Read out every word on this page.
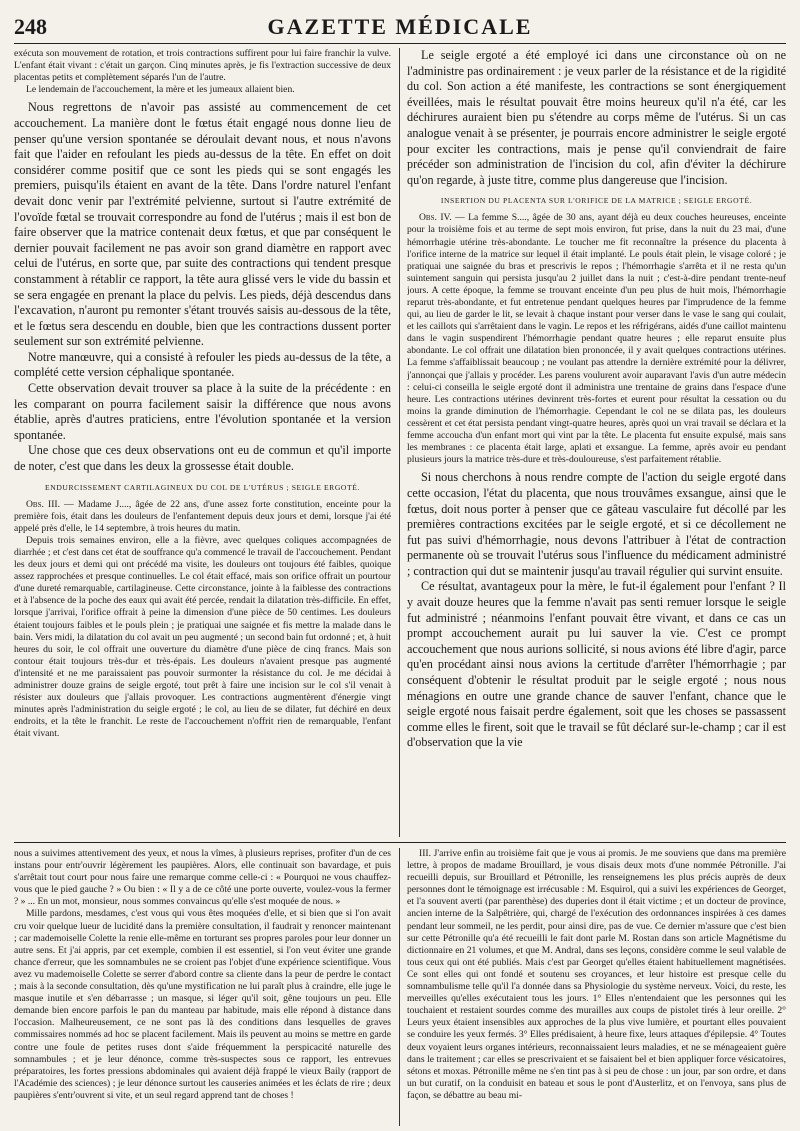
248	GAZETTE MÉDICALE

exécuta son mouvement de rotation, et trois contractions suffirent pour lui faire franchir la vulve. L'enfant était vivant : c'était un garçon. Cinq minutes après, je fis l'extraction successive de deux placentas petits et complètement séparés l'un de l'autre.

Le lendemain de l'accouchement, la mère et les jumeaux allaient bien.

Nous regrettons de n'avoir pas assisté au commencement de cet accouchement. La manière dont le fœtus était engagé nous donne lieu de penser qu'une version spontanée se déroulait devant nous, et nous n'avons fait que l'aider en refoulant les pieds au-dessus de la tête. En effet on doit considérer comme positif que ce sont les pieds qui se sont engagés les premiers, puisqu'ils étaient en avant de la tête. Dans l'ordre naturel l'enfant devait donc venir par l'extrémité pelvienne, surtout si l'autre extrémité de l'ovoïde fœtal se trouvait correspondre au fond de l'utérus ; mais il est bon de faire observer que la matrice contenait deux fœtus, et que par conséquent le dernier pouvait facilement ne pas avoir son grand diamètre en rapport avec celui de l'utérus, en sorte que, par suite des contractions qui tendent presque constamment à rétablir ce rapport, la tête aura glissé vers le vide du bassin et se sera engagée en prenant la place du pelvis. Les pieds, déjà descendus dans l'excavation, n'auront pu remonter s'étant trouvés saisis au-dessous de la tête, et le fœtus sera descendu en double, bien que les contractions dussent porter seulement sur son extrémité pelvienne.

Notre manœuvre, qui a consisté à refouler les pieds au-dessus de la tête, a complété cette version céphalique spontanée.

Cette observation devait trouver sa place à la suite de la précédente : en les comparant on pourra facilement saisir la différence que nous avons établie, après d'autres praticiens, entre l'évolution spontanée et la version spontanée.

Une chose que ces deux observations ont eu de commun et qu'il importe de noter, c'est que dans les deux la grossesse était double.

ENDURCISSEMENT CARTILAGINEUX DU COL DE L'UTÉRUS ; SEIGLE ERGOTÉ.

Obs. III. — Madame J...., âgée de 22 ans, d'une assez forte constitution, enceinte pour la première fois, était dans les douleurs de l'enfantement depuis deux jours et demi, lorsque j'ai été appelé près d'elle, le 14 septembre, à trois heures du matin.

Depuis trois semaines environ, elle a la fièvre, avec quelques coliques accompagnées de diarrhée ; et c'est dans cet état de souffrance qu'a commencé le travail de l'accouchement. Pendant les deux jours et demi qui ont précédé ma visite, les douleurs ont toujours été faibles, quoique assez rapprochées et presque continuelles. Le col était effacé, mais son orifice offrait un pourtour d'une dureté remarquable, cartilagineuse. Cette circonstance, jointe à la faiblesse des contractions et à l'absence de la poche des eaux qui avait été percée, rendait la dilatation très-difficile. En effet, lorsque j'arrivai, l'orifice offrait à peine la dimension d'une pièce de 50 centimes. Les douleurs étaient toujours faibles et le pouls plein ; je pratiquai une saignée et fis mettre la malade dans le bain. Vers midi, la dilatation du col avait un peu augmenté ; un second bain fut ordonné ; et, à huit heures du soir, le col offrait une ouverture du diamètre d'une pièce de cinq francs. Mais son contour était toujours très-dur et très-épais. Les douleurs n'avaient presque pas augmenté d'intensité et ne me paraissaient pas pouvoir surmonter la résistance du col. Je me décidai à administrer douze grains de seigle ergoté, tout prêt à faire une incision sur le col s'il venait à résister aux douleurs que j'allais provoquer. Les contractions augmentèrent d'énergie vingt minutes après l'administration du seigle ergoté ; le col, au lieu de se dilater, fut déchiré en deux endroits, et la tête le franchit. Le reste de l'accouchement n'offrit rien de remarquable, l'enfant était vivant.

Le seigle ergoté a été employé ici dans une circonstance où on ne l'administre pas ordinairement : je veux parler de la résistance et de la rigidité du col. Son action a été manifeste, les contractions se sont énergiquement éveillées, mais le résultat pouvait être moins heureux qu'il n'a été, car les déchirures auraient bien pu s'étendre au corps même de l'utérus. Si un cas analogue venait à se présenter, je pourrais encore administrer le seigle ergoté pour exciter les contractions, mais je pense qu'il conviendrait de faire précéder son administration de l'incision du col, afin d'éviter la déchirure qu'on regarde, à juste titre, comme plus dangereuse que l'incision.

INSERTION DU PLACENTA SUR L'ORIFICE DE LA MATRICE ; SEIGLE ERGOTÉ.

Obs. IV. — La femme S...., âgée de 30 ans, ayant déjà eu deux couches heureuses, enceinte pour la troisième fois et au terme de sept mois environ, fut prise, dans la nuit du 23 mai, d'une hémorrhagie utérine très-abondante. Le toucher me fit reconnaître la présence du placenta à l'orifice interne de la matrice sur lequel il était implanté. Le pouls était plein, le visage coloré ; je pratiquai une saignée du bras et prescrivis le repos ; l'hémorrhagie s'arrêta et il ne resta qu'un suintement sanguin qui persista jusqu'au 2 juillet dans la nuit ; c'est-à-dire pendant trente-neuf jours. A cette époque, la femme se trouvant enceinte d'un peu plus de huit mois, l'hémorrhagie reparut très-abondante, et fut entretenue pendant quelques heures par l'imprudence de la femme qui, au lieu de garder le lit, se levait à chaque instant pour verser dans le vase le sang qui coulait, et les caillots qui s'arrêtaient dans le vagin. Le repos et les réfrigérans, aidés d'une caillot maintenu dans le vagin suspendirent l'hémorrhagie pendant quatre heures ; elle reparut ensuite plus abondante. Le col offrait une dilatation bien prononcée, il y avait quelques contractions utérines. La femme s'affaiblissait beaucoup ; ne voulant pas attendre la dernière extrémité pour la délivrer, j'annonçai que j'allais y procéder. Les parens voulurent avoir auparavant l'avis d'un autre médecin : celui-ci conseilla le seigle ergoté dont il administra une trentaine de grains dans l'espace d'une heure. Les contractions utérines devinrent très-fortes et eurent pour résultat la cessation ou du moins la grande diminution de l'hémorrhagie. Cependant le col ne se dilata pas, les douleurs cessèrent et cet état persista pendant vingt-quatre heures, après quoi un vrai travail se déclara et la femme accoucha d'un enfant mort qui vint par la tête. Le placenta fut ensuite expulsé, mais sans les membranes : ce placenta était large, aplati et exsangue. La femme, après avoir eu pendant plusieurs jours la matrice très-dure et très-douloureuse, s'est parfaitement rétablie.

Si nous cherchons à nous rendre compte de l'action du seigle ergoté dans cette occasion, l'état du placenta, que nous trouvâmes exsangue, ainsi que le fœtus, doit nous porter à penser que ce gâteau vasculaire fut décollé par les premières contractions excitées par le seigle ergoté, et si ce décollement ne fut pas suivi d'hémorrhagie, nous devons l'attribuer à l'état de contraction permanente où se trouvait l'utérus sous l'influence du médicament administré ; contraction qui dut se maintenir jusqu'au travail régulier qui survint ensuite.

Ce résultat, avantageux pour la mère, le fut-il également pour l'enfant ? Il y avait douze heures que la femme n'avait pas senti remuer lorsque le seigle fut administré ; néanmoins l'enfant pouvait être vivant, et dans ce cas un prompt accouchement aurait pu lui sauver la vie. C'est ce prompt accouchement que nous aurions sollicité, si nous avions été libre d'agir, parce qu'en procédant ainsi nous avions la certitude d'arrêter l'hémorrhagie ; par conséquent d'obtenir le résultat produit par le seigle ergoté ; nous nous ménagions en outre une grande chance de sauver l'enfant, chance que le seigle ergoté nous faisait perdre également, soit que les choses se passassent comme elles le firent, soit que le travail se fût déclaré sur-le-champ ; car il est d'observation que la vie

nous a suivimes attentivement des yeux, et nous la vîmes, à plusieurs reprises, profiter d'un de ces instans pour entr'ouvrir légèrement les paupières. Alors, elle continuait son bavardage, et puis s'arrêtait tout court pour nous faire une remarque comme celle-ci : « Pourquoi ne vous chauffez-vous que le pied gauche ? » Ou bien : « Il y a de ce côté une porte ouverte, voulez-vous la fermer ? » ... En un mot, monsieur, nous sommes convaincus qu'elle s'est moquée de nous. »

Mille pardons, mesdames, c'est vous qui vous êtes moquées d'elle, et si bien que si l'on avait cru voir quelque lueur de lucidité dans la première consultation, il faudrait y renoncer maintenant ; car mademoiselle Colette la renie elle-même en torturant ses propres paroles pour leur donner un autre sens. Et j'ai appris, par cet exemple, combien il est essentiel, si l'on veut éviter une grande chance d'erreur, que les somnambules ne se croient pas l'objet d'une expérience scientifique. Vous avez vu mademoiselle Colette se serrer d'abord contre sa cliente dans la peur de perdre le contact ; mais à la seconde consultation, dès qu'une mystification ne lui paraît plus à craindre, elle juge le masque inutile et s'en débarrasse ; un masque, si léger qu'il soit, gêne toujours un peu. Elle demande bien encore parfois le pan du manteau par habitude, mais elle répond à distance dans l'occasion. Malheureusement, ce ne sont pas là des conditions dans lesquelles de graves commissaires nommés ad hoc se placent facilement. Mais ils peuvent au moins se mettre en garde contre une foule de petites ruses dont s'aide fréquemment la perspicacité naturelle des somnambules ; et je leur dénonce, comme très-suspectes sous ce rapport, les entrevues préparatoires, les fortes pressions abdominales qui avaient déjà frappé le vieux Baily (rapport de l'Académie des sciences) ; je leur dénonce surtout les causeries animées et les éclats de rire ; deux paupières s'entr'ouvrent si vite, et un seul regard apprend tant de choses !

III. J'arrive enfin au troisième fait que je vous ai promis. Je me souviens que dans ma première lettre, à propos de madame Brouillard, je vous disais deux mots d'une nommée Pétronille. J'ai recueilli depuis, sur Brouillard et Pétronille, les renseignemens les plus précis auprès de deux personnes dont le témoignage est irrécusable : M. Esquirol, qui a suivi les expériences de Georget, et l'a souvent averti (par parenthèse) des duperies dont il était victime ; et un docteur de province, ancien interne de la Salpêtrière, qui, chargé de l'exécution des ordonnances inspirées à ces dames pendant leur sommeil, ne les perdit, pour ainsi dire, pas de vue. Ce dernier m'assure que c'est bien sur cette Pétronille qu'a été recueilli le fait dont parle M. Rostan dans son article Magnétisme du dictionnaire en 21 volumes, et que M. Andral, dans ses leçons, considère comme le seul valable de tous ceux qui ont été publiés. Mais c'est par Georget qu'elles étaient habituellement magnétisées. Ce sont elles qui ont fondé et soutenu ses croyances, et leur histoire est presque celle du somnambulisme telle qu'il l'a donnée dans sa Physiologie du système nerveux. Voici, du reste, les merveilles qu'elles exécutaient tous les jours. 1° Elles n'entendaient que les personnes qui les touchaient et restaient sourdes comme des murailles aux coups de pistolet tirés à leur oreille. 2° Leurs yeux étaient insensibles aux approches de la plus vive lumière, et pourtant elles pouvaient se conduire les yeux fermés. 3° Elles prédisaient, à heure fixe, leurs attaques d'épilepsie. 4° Toutes deux voyaient leurs organes intérieurs, reconnaissaient leurs maladies, et ne se ménageaient guère dans le traitement ; car elles se prescrivaient et se faisaient bel et bien appliquer force vésicatoires, sétons et moxas. Pétronille même ne s'en tint pas à si peu de chose : un jour, par son ordre, et dans un but curatif, on la conduisit en bateau et sous le pont d'Austerlitz, et on l'envoya, sans plus de façon, se débattre au beau mi-
